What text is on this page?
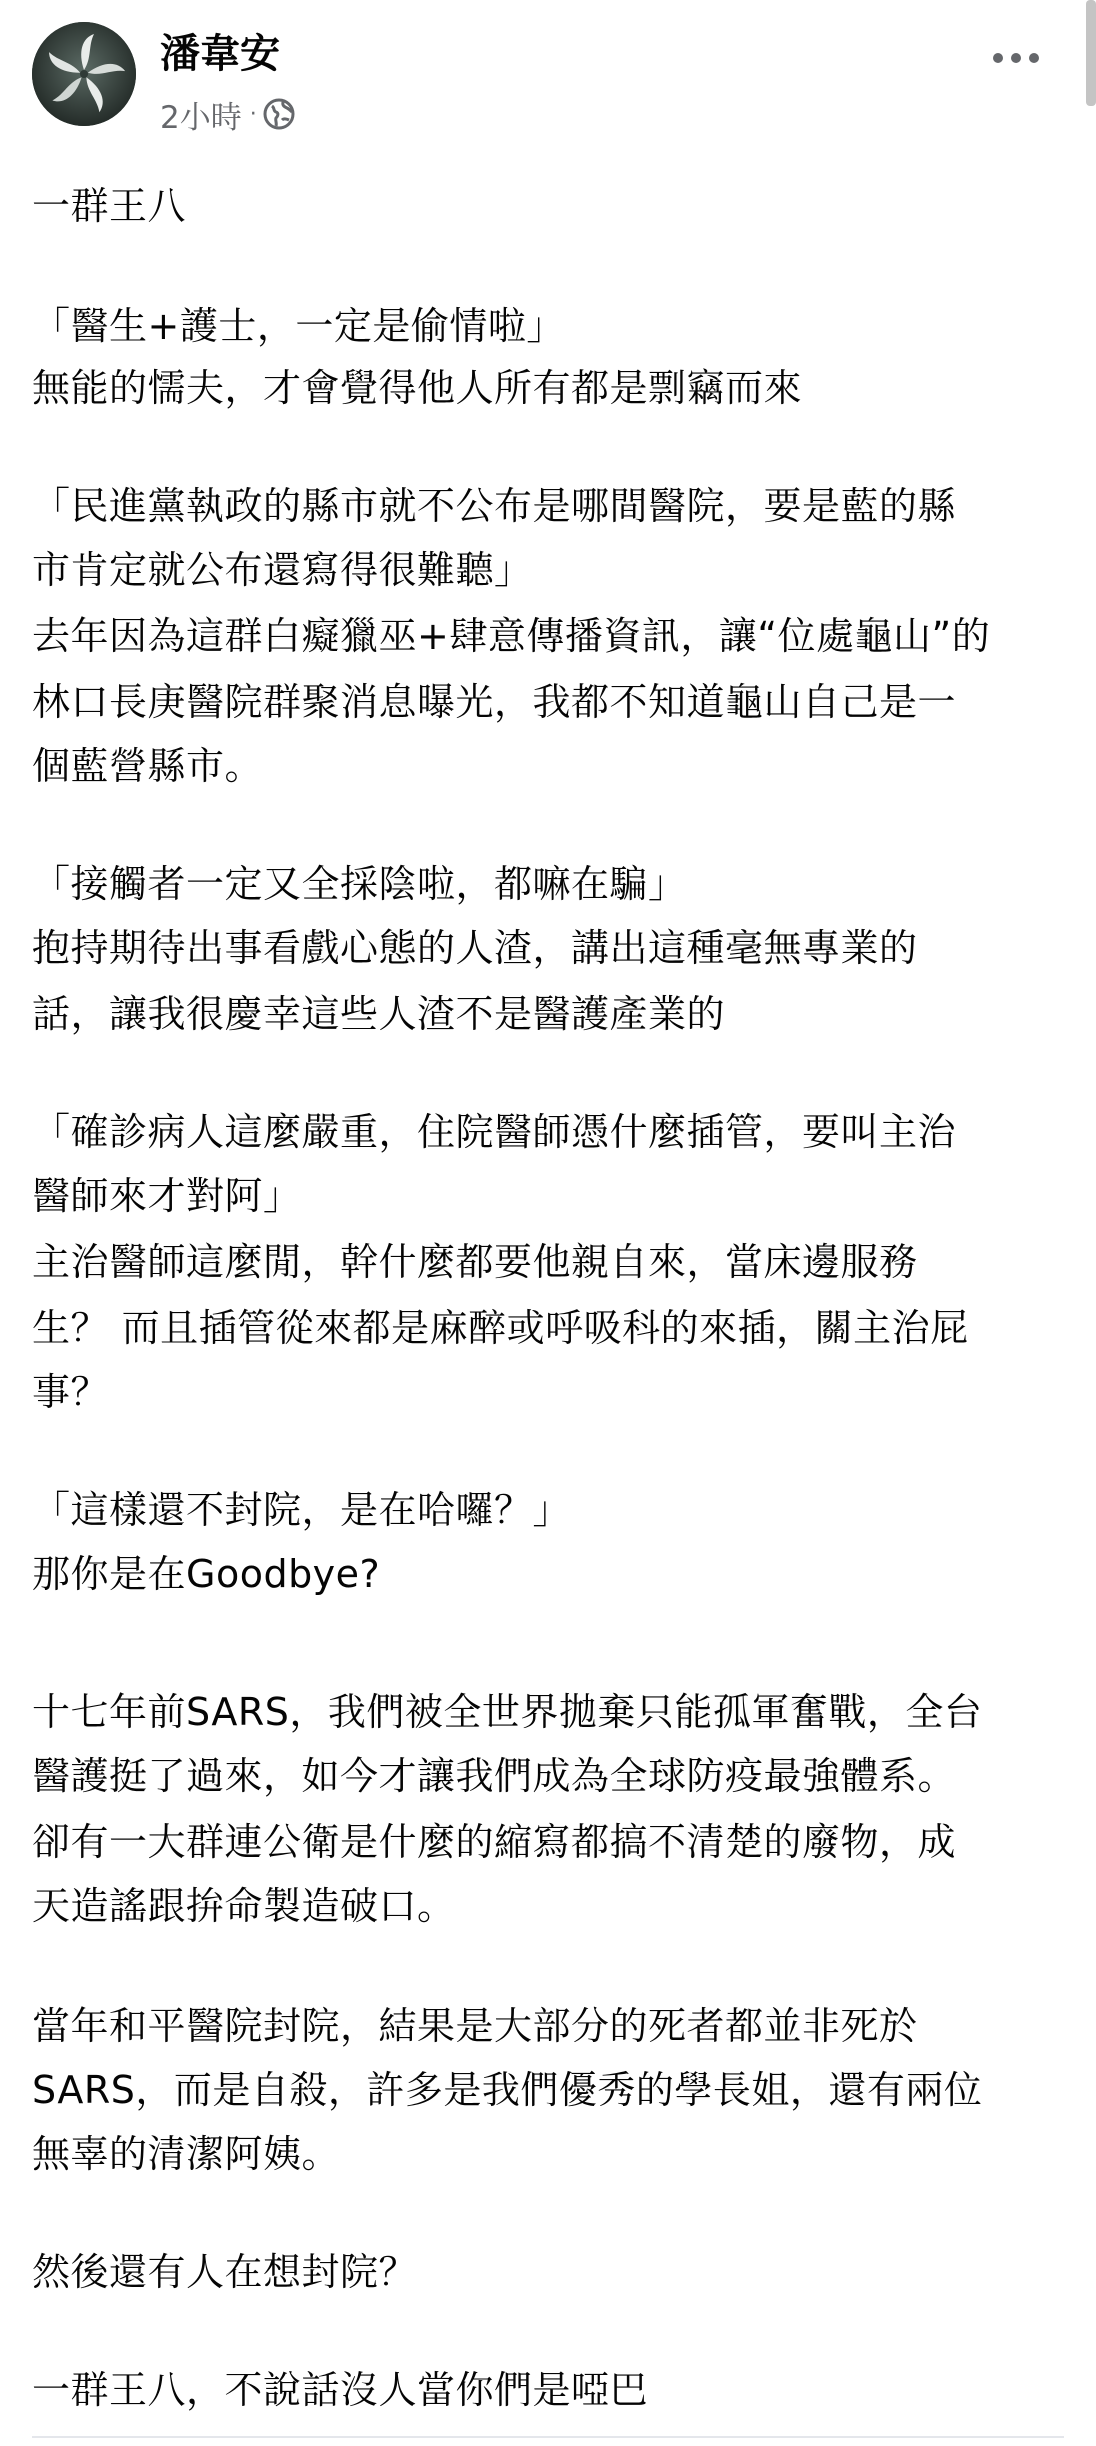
潘韋安
2小時 ·
一群王八
「醫生+護士，一定是偷情啦」
無能的懦夫，才會覺得他人所有都是剽竊而來
「民進黨執政的縣市就不公布是哪間醫院，要是藍的縣
市肯定就公布還寫得很難聽」
去年因為這群白癡獵巫+肆意傳播資訊，讓“位處龜山”的
林口長庚醫院群聚消息曝光，我都不知道龜山自己是一
個藍營縣市。
「接觸者一定又全採陰啦，都嘛在騙」
抱持期待出事看戲心態的人渣，講出這種毫無專業的
話，讓我很慶幸這些人渣不是醫護產業的
「確診病人這麼嚴重，住院醫師憑什麼插管，要叫主治
醫師來才對阿」
主治醫師這麼閒，幹什麼都要他親自來，當床邊服務
生？ 而且插管從來都是麻醉或呼吸科的來插，關主治屁
事？
「這樣還不封院，是在哈囉？」
那你是在Goodbye?
十七年前SARS，我們被全世界拋棄只能孤軍奮戰，全台
醫護挺了過來，如今才讓我們成為全球防疫最強體系。
卻有一大群連公衛是什麼的縮寫都搞不清楚的廢物，成
天造謠跟拚命製造破口。
當年和平醫院封院，結果是大部分的死者都並非死於
SARS，而是自殺，許多是我們優秀的學長姐，還有兩位
無辜的清潔阿姨。
然後還有人在想封院？
一群王八，不說話沒人當你們是啞巴
